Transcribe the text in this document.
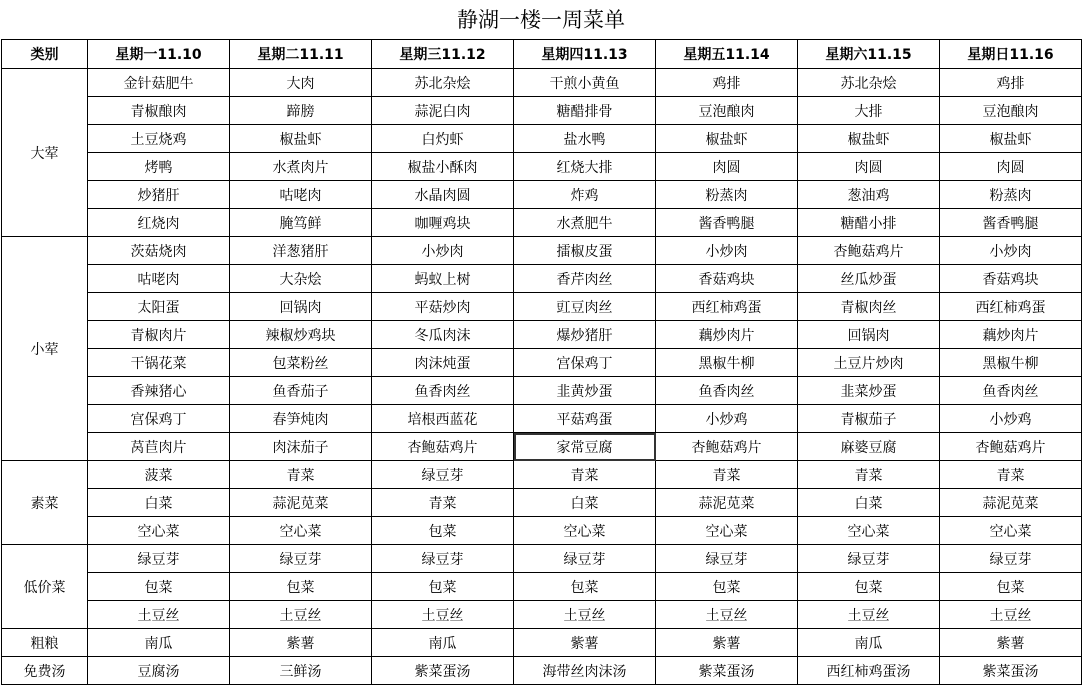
静湖一楼一周菜单
类别	星期一11.10	星期二11.11	星期三11.12	星期四11.13	星期五11.14	星期六11.15	星期日11.16
大荤	金针菇肥牛	大肉	苏北杂烩	干煎小黄鱼	鸡排	苏北杂烩	鸡排
	青椒酿肉	蹄膀	蒜泥白肉	糖醋排骨	豆泡酿肉	大排	豆泡酿肉
	土豆烧鸡	椒盐虾	白灼虾	盐水鸭	椒盐虾	椒盐虾	椒盐虾
	烤鸭	水煮肉片	椒盐小酥肉	红烧大排	肉圆	肉圆	肉圆
	炒猪肝	咕咾肉	水晶肉圆	炸鸡	粉蒸肉	葱油鸡	粉蒸肉
	红烧肉	腌笃鲜	咖喱鸡块	水煮肥牛	酱香鸭腿	糖醋小排	酱香鸭腿
小荤	茨菇烧肉	洋葱猪肝	小炒肉	擂椒皮蛋	小炒肉	杏鲍菇鸡片	小炒肉
	咕咾肉	大杂烩	蚂蚁上树	香芹肉丝	香菇鸡块	丝瓜炒蛋	香菇鸡块
	太阳蛋	回锅肉	平菇炒肉	豇豆肉丝	西红柿鸡蛋	青椒肉丝	西红柿鸡蛋
	青椒肉片	辣椒炒鸡块	冬瓜肉沫	爆炒猪肝	藕炒肉片	回锅肉	藕炒肉片
	干锅花菜	包菜粉丝	肉沫炖蛋	宫保鸡丁	黑椒牛柳	土豆片炒肉	黑椒牛柳
	香辣猪心	鱼香茄子	鱼香肉丝	韭黄炒蛋	鱼香肉丝	韭菜炒蛋	鱼香肉丝
	宫保鸡丁	春笋炖肉	培根西蓝花	平菇鸡蛋	小炒鸡	青椒茄子	小炒鸡
	莴苣肉片	肉沫茄子	杏鲍菇鸡片	家常豆腐	杏鲍菇鸡片	麻婆豆腐	杏鲍菇鸡片
素菜	菠菜	青菜	绿豆芽	青菜	青菜	青菜	青菜
	白菜	蒜泥苋菜	青菜	白菜	蒜泥苋菜	白菜	蒜泥苋菜
	空心菜	空心菜	包菜	空心菜	空心菜	空心菜	空心菜
低价菜	绿豆芽	绿豆芽	绿豆芽	绿豆芽	绿豆芽	绿豆芽	绿豆芽
	包菜	包菜	包菜	包菜	包菜	包菜	包菜
	土豆丝	土豆丝	土豆丝	土豆丝	土豆丝	土豆丝	土豆丝
粗粮	南瓜	紫薯	南瓜	紫薯	紫薯	南瓜	紫薯
免费汤	豆腐汤	三鲜汤	紫菜蛋汤	海带丝肉沫汤	紫菜蛋汤	西红柿鸡蛋汤	紫菜蛋汤
